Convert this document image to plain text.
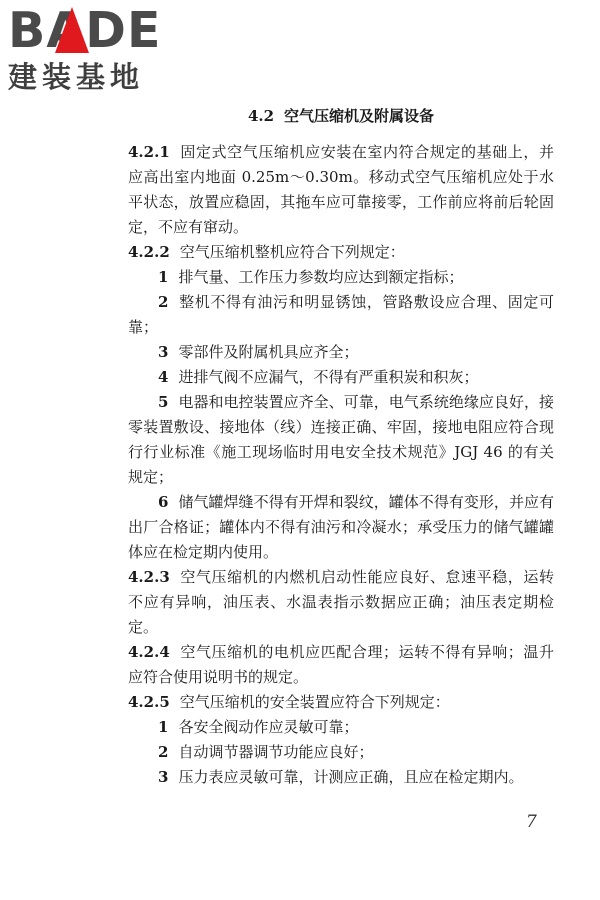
BADE
建装基地
4.2 空气压缩机及附属设备

4.2.1 固定式空气压缩机应安装在室内符合规定的基础上，并应高出室内地面 0.25m～0.30m。移动式空气压缩机应处于水平状态，放置应稳固，其拖车应可靠接零，工作前应将前后轮固定，不应有窜动。

4.2.2 空气压缩机整机应符合下列规定：

1 排气量、工作压力参数均应达到额定指标；

2 整机不得有油污和明显锈蚀，管路敷设应合理、固定可靠；

3 零部件及附属机具应齐全；

4 进排气阀不应漏气，不得有严重积炭和积灰；

5 电器和电控装置应齐全、可靠，电气系统绝缘应良好，接零装置敷设、接地体（线）连接正确、牢固，接地电阻应符合现行行业标准《施工现场临时用电安全技术规范》JGJ 46 的有关规定；

6 储气罐焊缝不得有开焊和裂纹，罐体不得有变形，并应有出厂合格证；罐体内不得有油污和冷凝水；承受压力的储气罐罐体应在检定期内使用。

4.2.3 空气压缩机的内燃机启动性能应良好、怠速平稳，运转不应有异响，油压表、水温表指示数据应正确；油压表定期检定。

4.2.4 空气压缩机的电机应匹配合理；运转不得有异响；温升应符合使用说明书的规定。

4.2.5 空气压缩机的安全装置应符合下列规定：

1 各安全阀动作应灵敏可靠；

2 自动调节器调节功能应良好；

3 压力表应灵敏可靠，计测应正确，且应在检定期内。

7
